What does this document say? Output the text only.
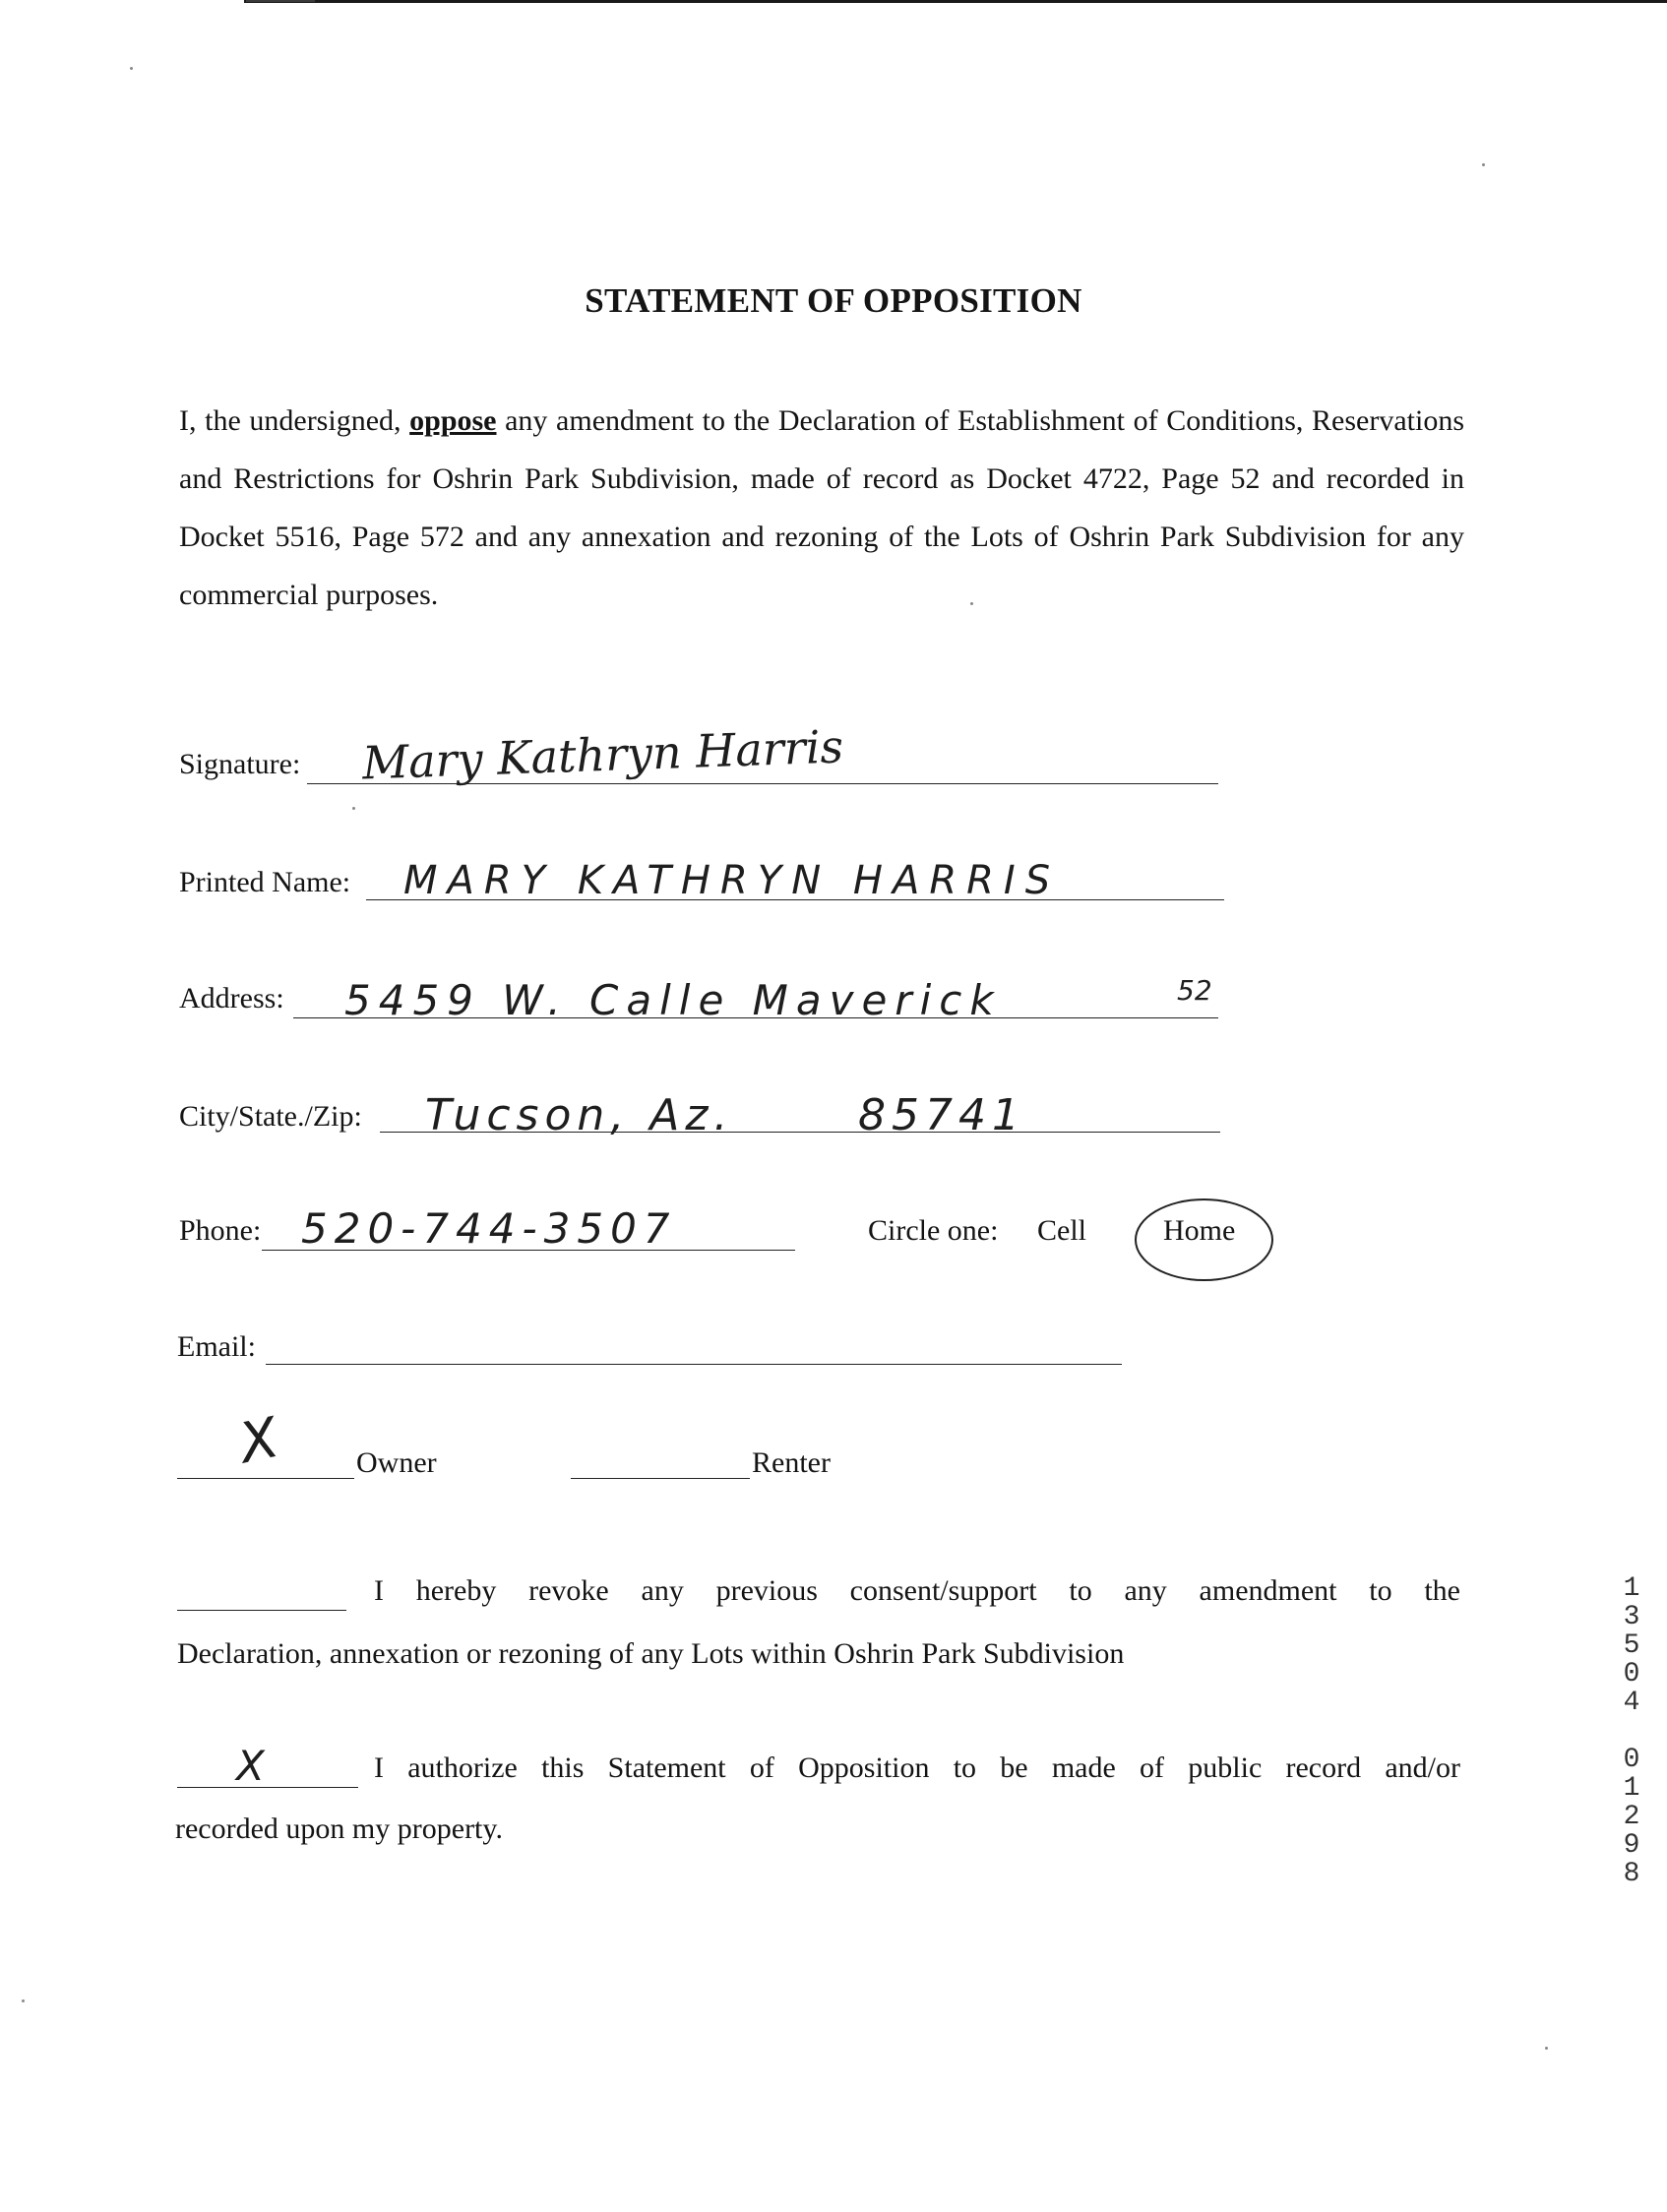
STATEMENT OF OPPOSITION

I, the undersigned, oppose any amendment to the Declaration of Establishment of Conditions, Reservations and Restrictions for Oshrin Park Subdivision, made of record as Docket 4722, Page 52 and recorded in Docket 5516, Page 572 and any annexation and rezoning of the Lots of Oshrin Park Subdivision for any commercial purposes.

Signature: Mary Kathryn Harris
Printed Name: MARY KATHRYN HARRIS
Address: 5459 W. Calle Maverick	52
City/State./Zip: Tucson, Az.	85741
Phone: 520-744-3507	Circle one: Cell	Home
Email:
X Owner	Renter

I hereby revoke any previous consent/support to any amendment to the

Declaration, annexation or rezoning of any Lots within Oshrin Park Subdivision

X	I authorize this Statement of Opposition to be made of public record and/or

recorded upon my property.

1
3
5
0
4

0
1
2
9
8
